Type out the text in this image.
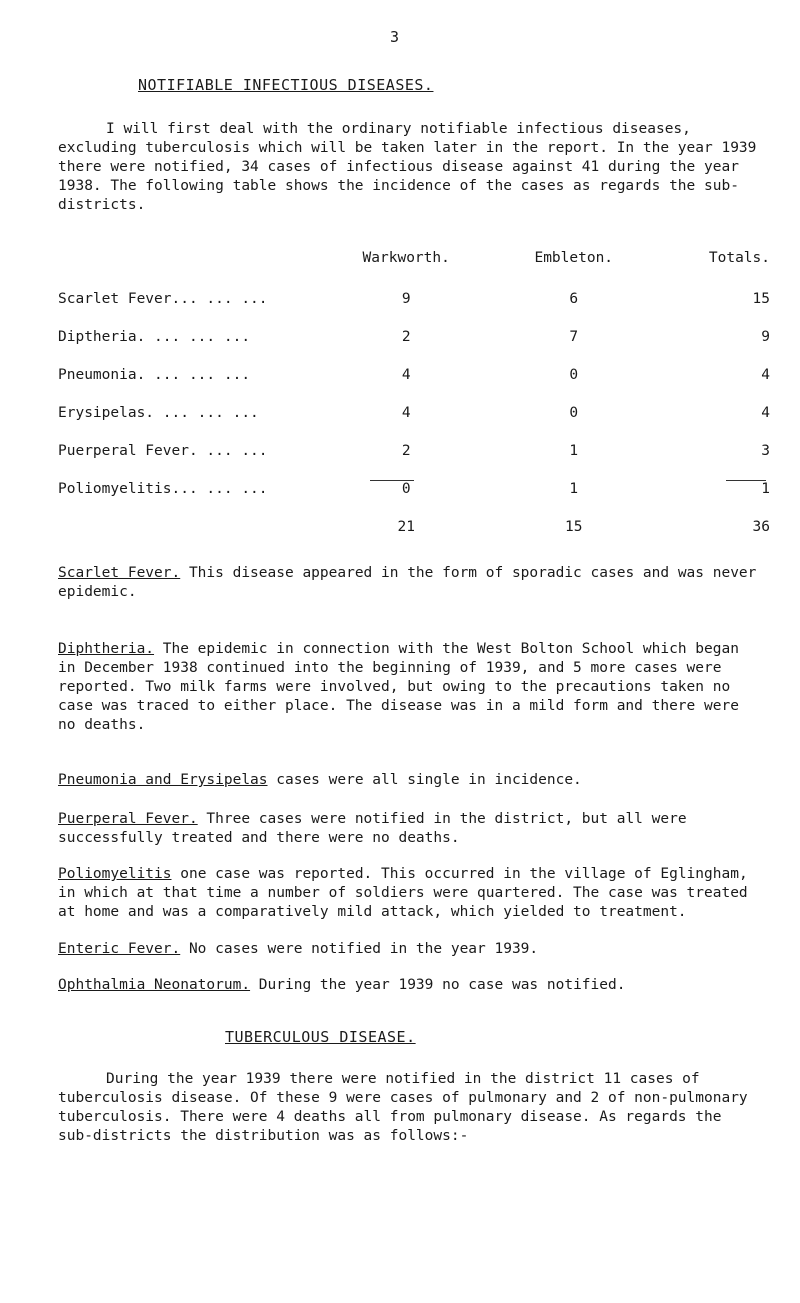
3
NOTIFIABLE INFECTIOUS DISEASES.

I will first deal with the ordinary notifiable infectious diseases, excluding tuberculosis which will be taken later in the report. In the year 1939 there were notified, 34 cases of infectious disease against 41 during the year 1938. The following table shows the incidence of the cases as regards the sub-districts.

	Warkworth.	Embleton.	Totals.
Scarlet Fever... ... ...	9	6	15
Diptheria. ... ... ...	2	7	9
Pneumonia. ... ... ...	4	0	4
Erysipelas. ... ... ...	4	0	4
Puerperal Fever. ... ...	2	1	3
Poliomyelitis... ... ...	0	1	1
	21	15	36

Scarlet Fever. This disease appeared in the form of sporadic cases and was never epidemic.

Diphtheria. The epidemic in connection with the West Bolton School which began in December 1938 continued into the beginning of 1939, and 5 more cases were reported. Two milk farms were involved, but owing to the precautions taken no case was traced to either place. The disease was in a mild form and there were no deaths.

Pneumonia and Erysipelas cases were all single in incidence.

Puerperal Fever. Three cases were notified in the district, but all were successfully treated and there were no deaths.

Poliomyelitis one case was reported. This occurred in the village of Eglingham, in which at that time a number of soldiers were quartered. The case was treated at home and was a comparatively mild attack, which yielded to treatment.

Enteric Fever. No cases were notified in the year 1939.

Ophthalmia Neonatorum. During the year 1939 no case was notified.

TUBERCULOUS DISEASE.

During the year 1939 there were notified in the district 11 cases of tuberculosis disease. Of these 9 were cases of pulmonary and 2 of non-pulmonary tuberculosis. There were 4 deaths all from pulmonary disease. As regards the sub-districts the distribution was as follows:-
